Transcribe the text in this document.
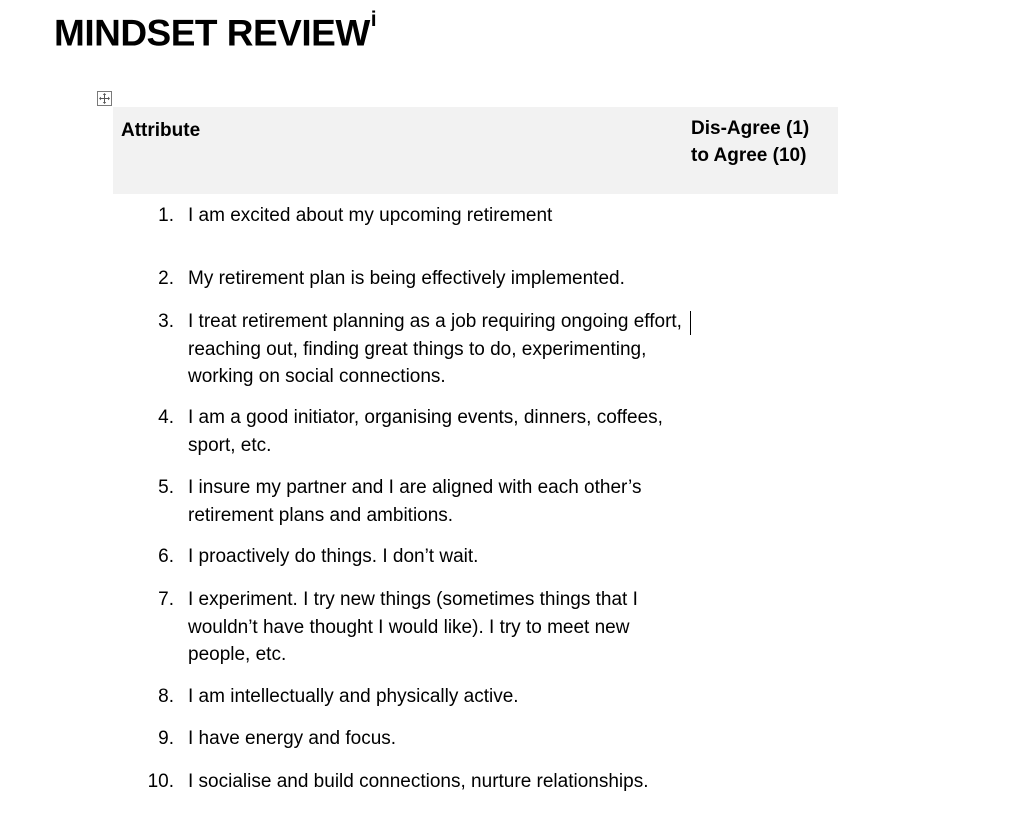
MINDSET REVIEW$^i$
Attribute	Dis-Agree (1)
to Agree (10)
1. I am excited about my upcoming retirement
2. My retirement plan is being effectively implemented.
3. I treat retirement planning as a job requiring ongoing effort, reaching out, finding great things to do, experimenting, working on social connections.
4. I am a good initiator, organising events, dinners, coffees, sport, etc.
5. I insure my partner and I are aligned with each other’s retirement plans and ambitions.
6. I proactively do things. I don’t wait.
7. I experiment. I try new things (sometimes things that I wouldn’t have thought I would like). I try to meet new people, etc.
8. I am intellectually and physically active.
9. I have energy and focus.
10. I socialise and build connections, nurture relationships.
